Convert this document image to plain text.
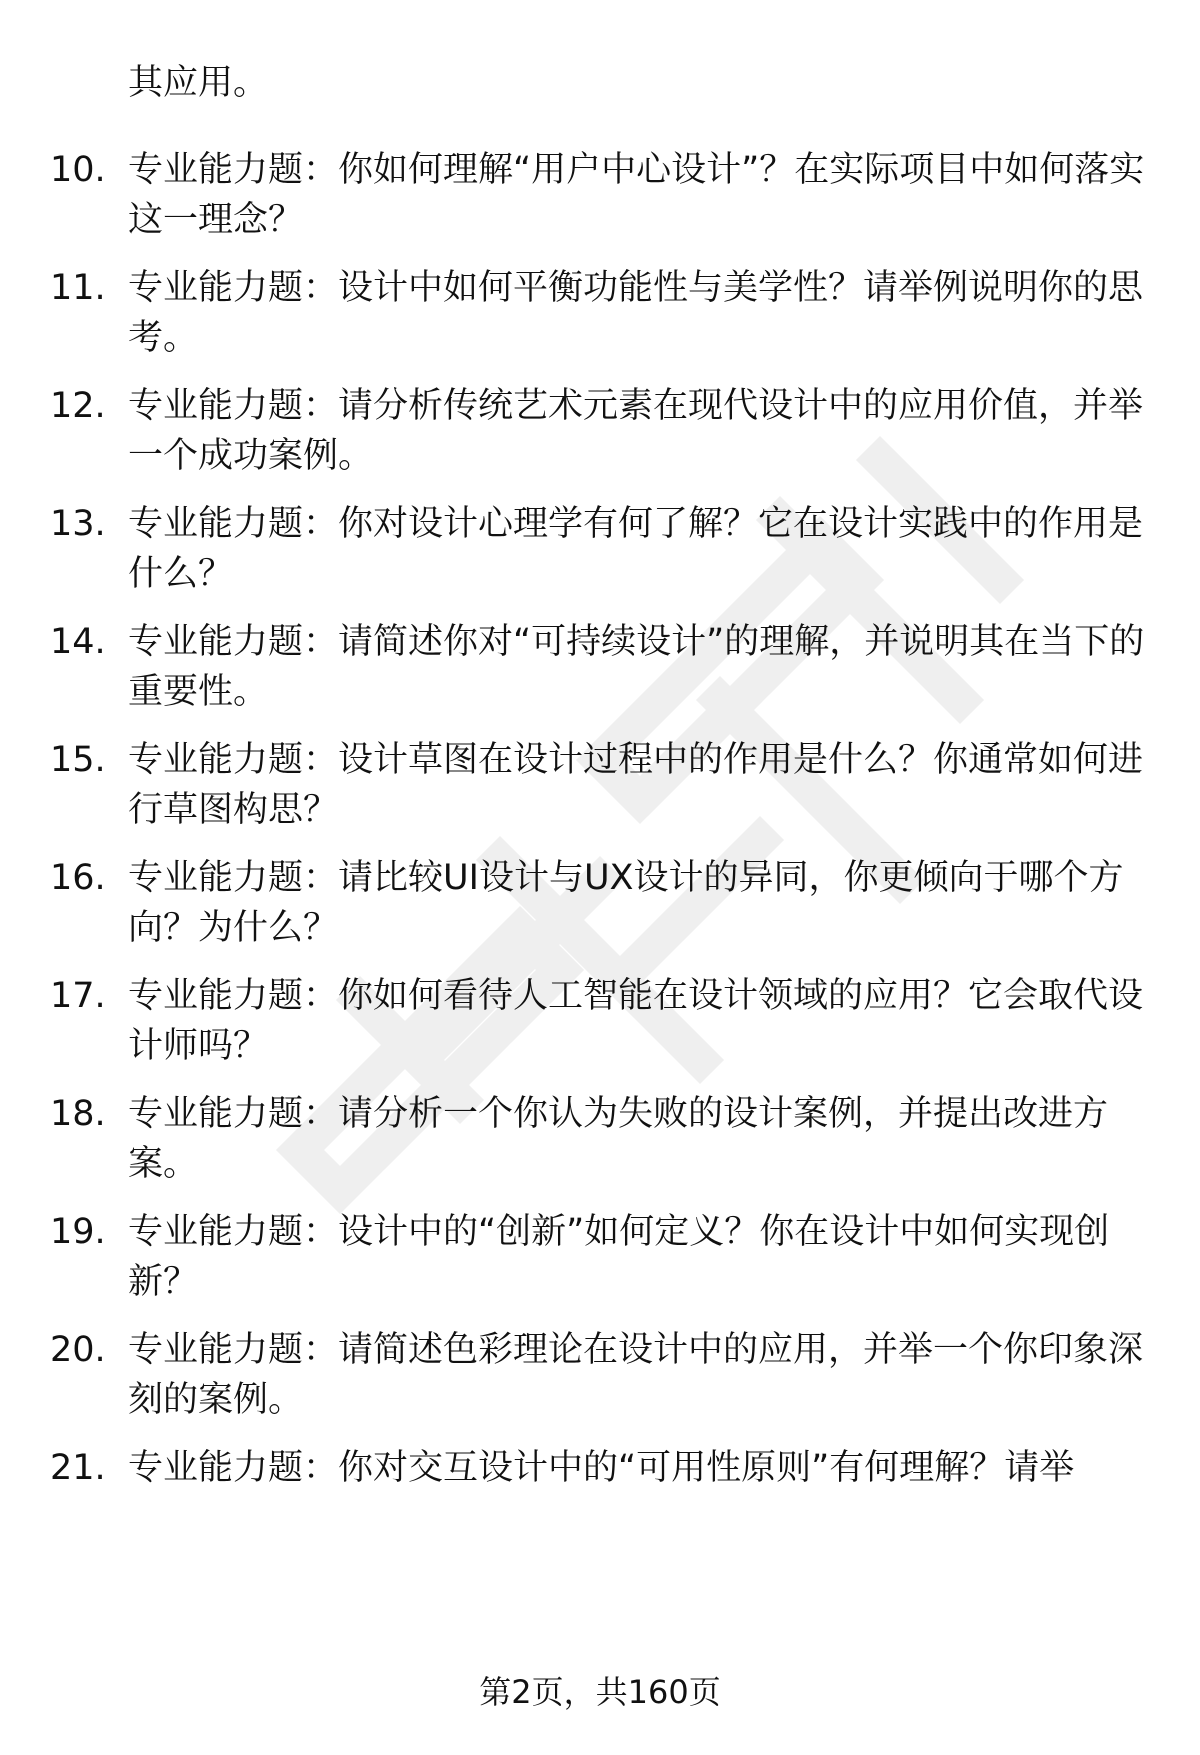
其应用。
10. 专业能力题：你如何理解“用户中心设计”？在实际项目中如何落实这一理念？
11. 专业能力题：设计中如何平衡功能性与美学性？请举例说明你的思考。
12. 专业能力题：请分析传统艺术元素在现代设计中的应用价值，并举一个成功案例。
13. 专业能力题：你对设计心理学有何了解？它在设计实践中的作用是什么？
14. 专业能力题：请简述你对“可持续设计”的理解，并说明其在当下的重要性。
15. 专业能力题：设计草图在设计过程中的作用是什么？你通常如何进行草图构思？
16. 专业能力题：请比较UI设计与UX设计的异同，你更倾向于哪个方向？为什么？
17. 专业能力题：你如何看待人工智能在设计领域的应用？它会取代设计师吗？
18. 专业能力题：请分析一个你认为失败的设计案例，并提出改进方案。
19. 专业能力题：设计中的“创新”如何定义？你在设计中如何实现创新？
20. 专业能力题：请简述色彩理论在设计中的应用，并举一个你印象深刻的案例。
21. 专业能力题：你对交互设计中的“可用性原则”有何理解？请举
第2页，共160页
